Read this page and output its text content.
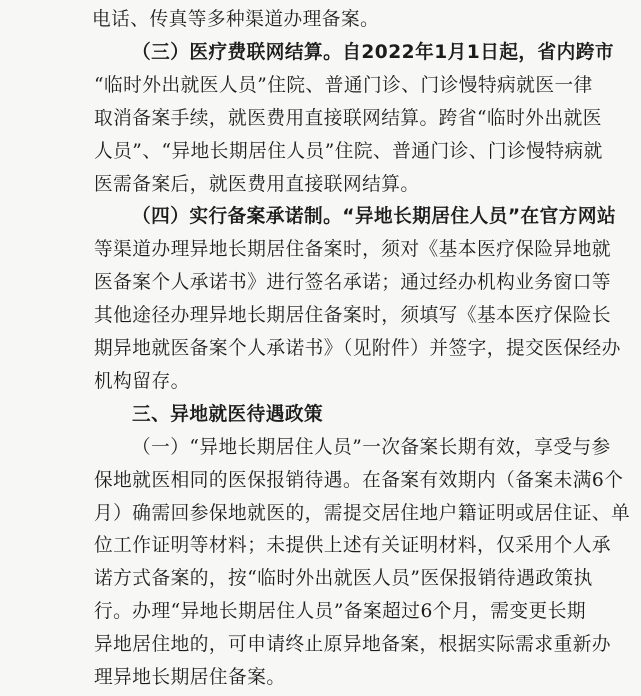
电话、传真等多种渠道办理备案。
（三）医疗费联网结算。自2022年1月1日起，省内跨市
“临时外出就医人员”住院、普通门诊、门诊慢特病就医一律
取消备案手续，就医费用直接联网结算。跨省“临时外出就医
人员”、“异地长期居住人员”住院、普通门诊、门诊慢特病就
医需备案后，就医费用直接联网结算。
（四）实行备案承诺制。“异地长期居住人员”在官方网站
等渠道办理异地长期居住备案时，须对《基本医疗保险异地就
医备案个人承诺书》进行签名承诺；通过经办机构业务窗口等
其他途径办理异地长期居住备案时，须填写《基本医疗保险长
期异地就医备案个人承诺书》（见附件）并签字，提交医保经办
机构留存。
三、异地就医待遇政策
（一）“异地长期居住人员”一次备案长期有效，享受与参
保地就医相同的医保报销待遇。在备案有效期内（备案未满6个
月）确需回参保地就医的，需提交居住地户籍证明或居住证、单
位工作证明等材料；未提供上述有关证明材料，仅采用个人承
诺方式备案的，按“临时外出就医人员”医保报销待遇政策执
行。办理“异地长期居住人员”备案超过6个月，需变更长期
异地居住地的，可申请终止原异地备案，根据实际需求重新办
理异地长期居住备案。
